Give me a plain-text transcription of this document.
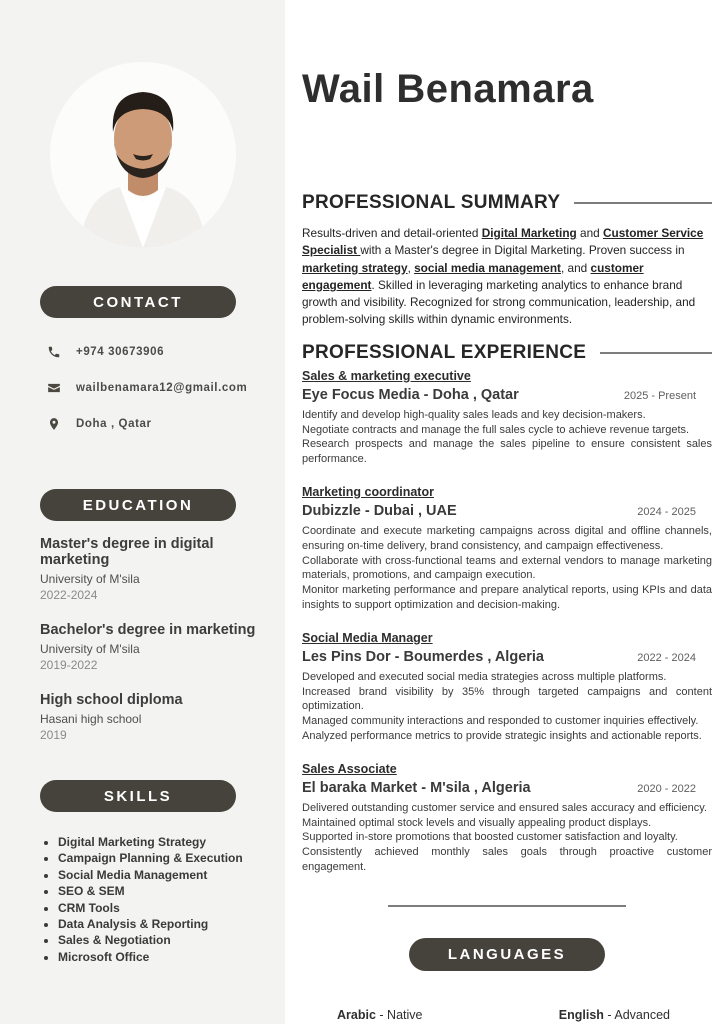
CONTACT
+974 30673906
wailbenamara12@gmail.com
Doha , Qatar
EDUCATION
Master's degree in digital marketing
University of M'sila
2022-2024
Bachelor's degree in marketing
University of M'sila
2019-2022
High school diploma
Hasani high school
2019
SKILLS
• Digital Marketing Strategy
• Campaign Planning & Execution
• Social Media Management
• SEO & SEM
• CRM Tools
• Data Analysis & Reporting
• Sales & Negotiation
• Microsoft Office
Wail Benamara
PROFESSIONAL SUMMARY

Results-driven and detail-oriented Digital Marketing and Customer Service Specialist with a Master's degree in Digital Marketing. Proven success in marketing strategy, social media management, and customer engagement. Skilled in leveraging marketing analytics to enhance brand growth and visibility. Recognized for strong communication, leadership, and problem-solving skills within dynamic environments.

PROFESSIONAL EXPERIENCE
Sales & marketing executive
Eye Focus Media - Doha , Qatar	2025 - Present
Identify and develop high-quality sales leads and key decision-makers.
Negotiate contracts and manage the full sales cycle to achieve revenue targets.
Research prospects and manage the sales pipeline to ensure consistent sales performance.
Marketing coordinator
Dubizzle - Dubai , UAE	2024 - 2025
Coordinate and execute marketing campaigns across digital and offline channels, ensuring on-time delivery, brand consistency, and campaign effectiveness.
Collaborate with cross-functional teams and external vendors to manage marketing materials, promotions, and campaign execution.
Monitor marketing performance and prepare analytical reports, using KPIs and data insights to support optimization and decision-making.
Social Media Manager
Les Pins Dor - Boumerdes , Algeria	2022 - 2024
Developed and executed social media strategies across multiple platforms.
Increased brand visibility by 35% through targeted campaigns and content optimization.
Managed community interactions and responded to customer inquiries effectively.
Analyzed performance metrics to provide strategic insights and actionable reports.
Sales Associate
El baraka Market - M'sila , Algeria	2020 - 2022
Delivered outstanding customer service and ensured sales accuracy and efficiency.
Maintained optimal stock levels and visually appealing product displays.
Supported in-store promotions that boosted customer satisfaction and loyalty.
Consistently achieved monthly sales goals through proactive customer engagement.
LANGUAGES
Arabic - Native	English - Advanced
